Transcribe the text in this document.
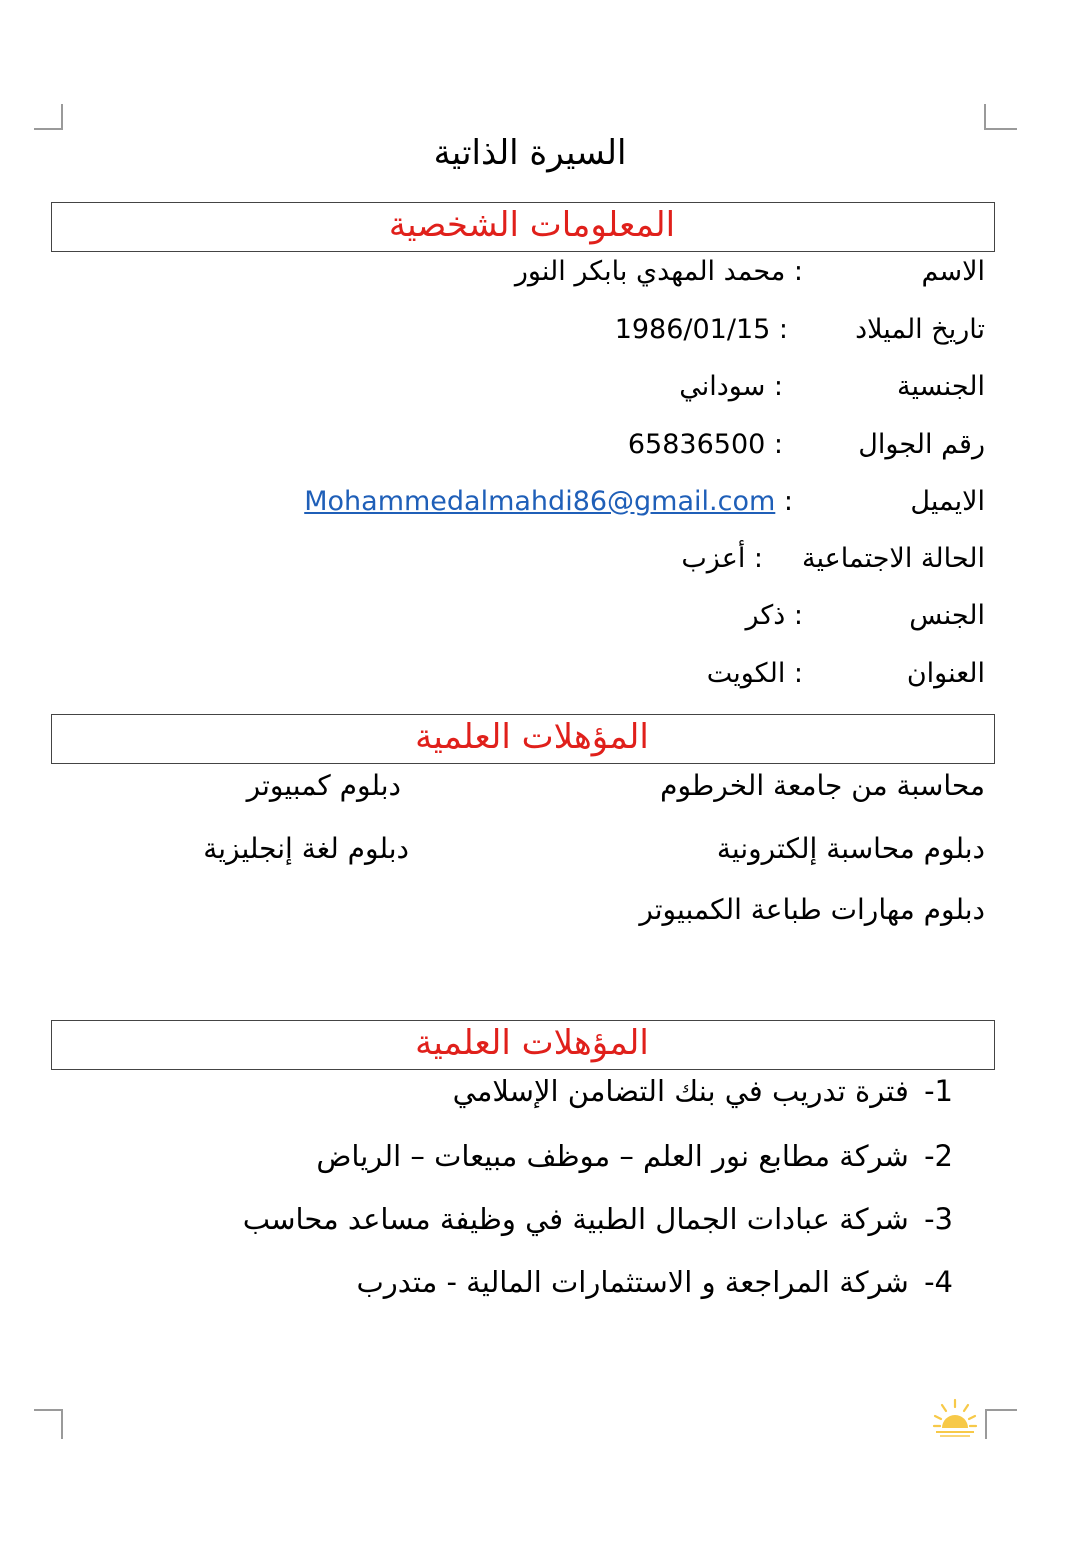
السيرة الذاتية
المعلومات الشخصية
الاسم
: محمد المهدي بابكر النور
تاريخ الميلاد
: 1986/01/15
الجنسية
: سوداني
رقم الجوال
: 65836500
الايميل
: Mohammedalmahdi86@gmail.com
الحالة الاجتماعية
: أعزب
الجنس
: ذكر
العنوان
: الكويت
المؤهلات العلمية
محاسبة من جامعة الخرطوم
دبلوم محاسبة إلكترونية
دبلوم مهارات طباعة الكمبيوتر
دبلوم كمبيوتر
دبلوم لغة إنجليزية
المؤهلات العلمية
1- فترة تدريب في بنك التضامن الإسلامي
2- شركة مطابع نور العلم – موظف مبيعات – الرياض
3- شركة عبادات الجمال الطبية في وظيفة مساعد محاسب
4- شركة المراجعة و الاستثمارات المالية - متدرب
